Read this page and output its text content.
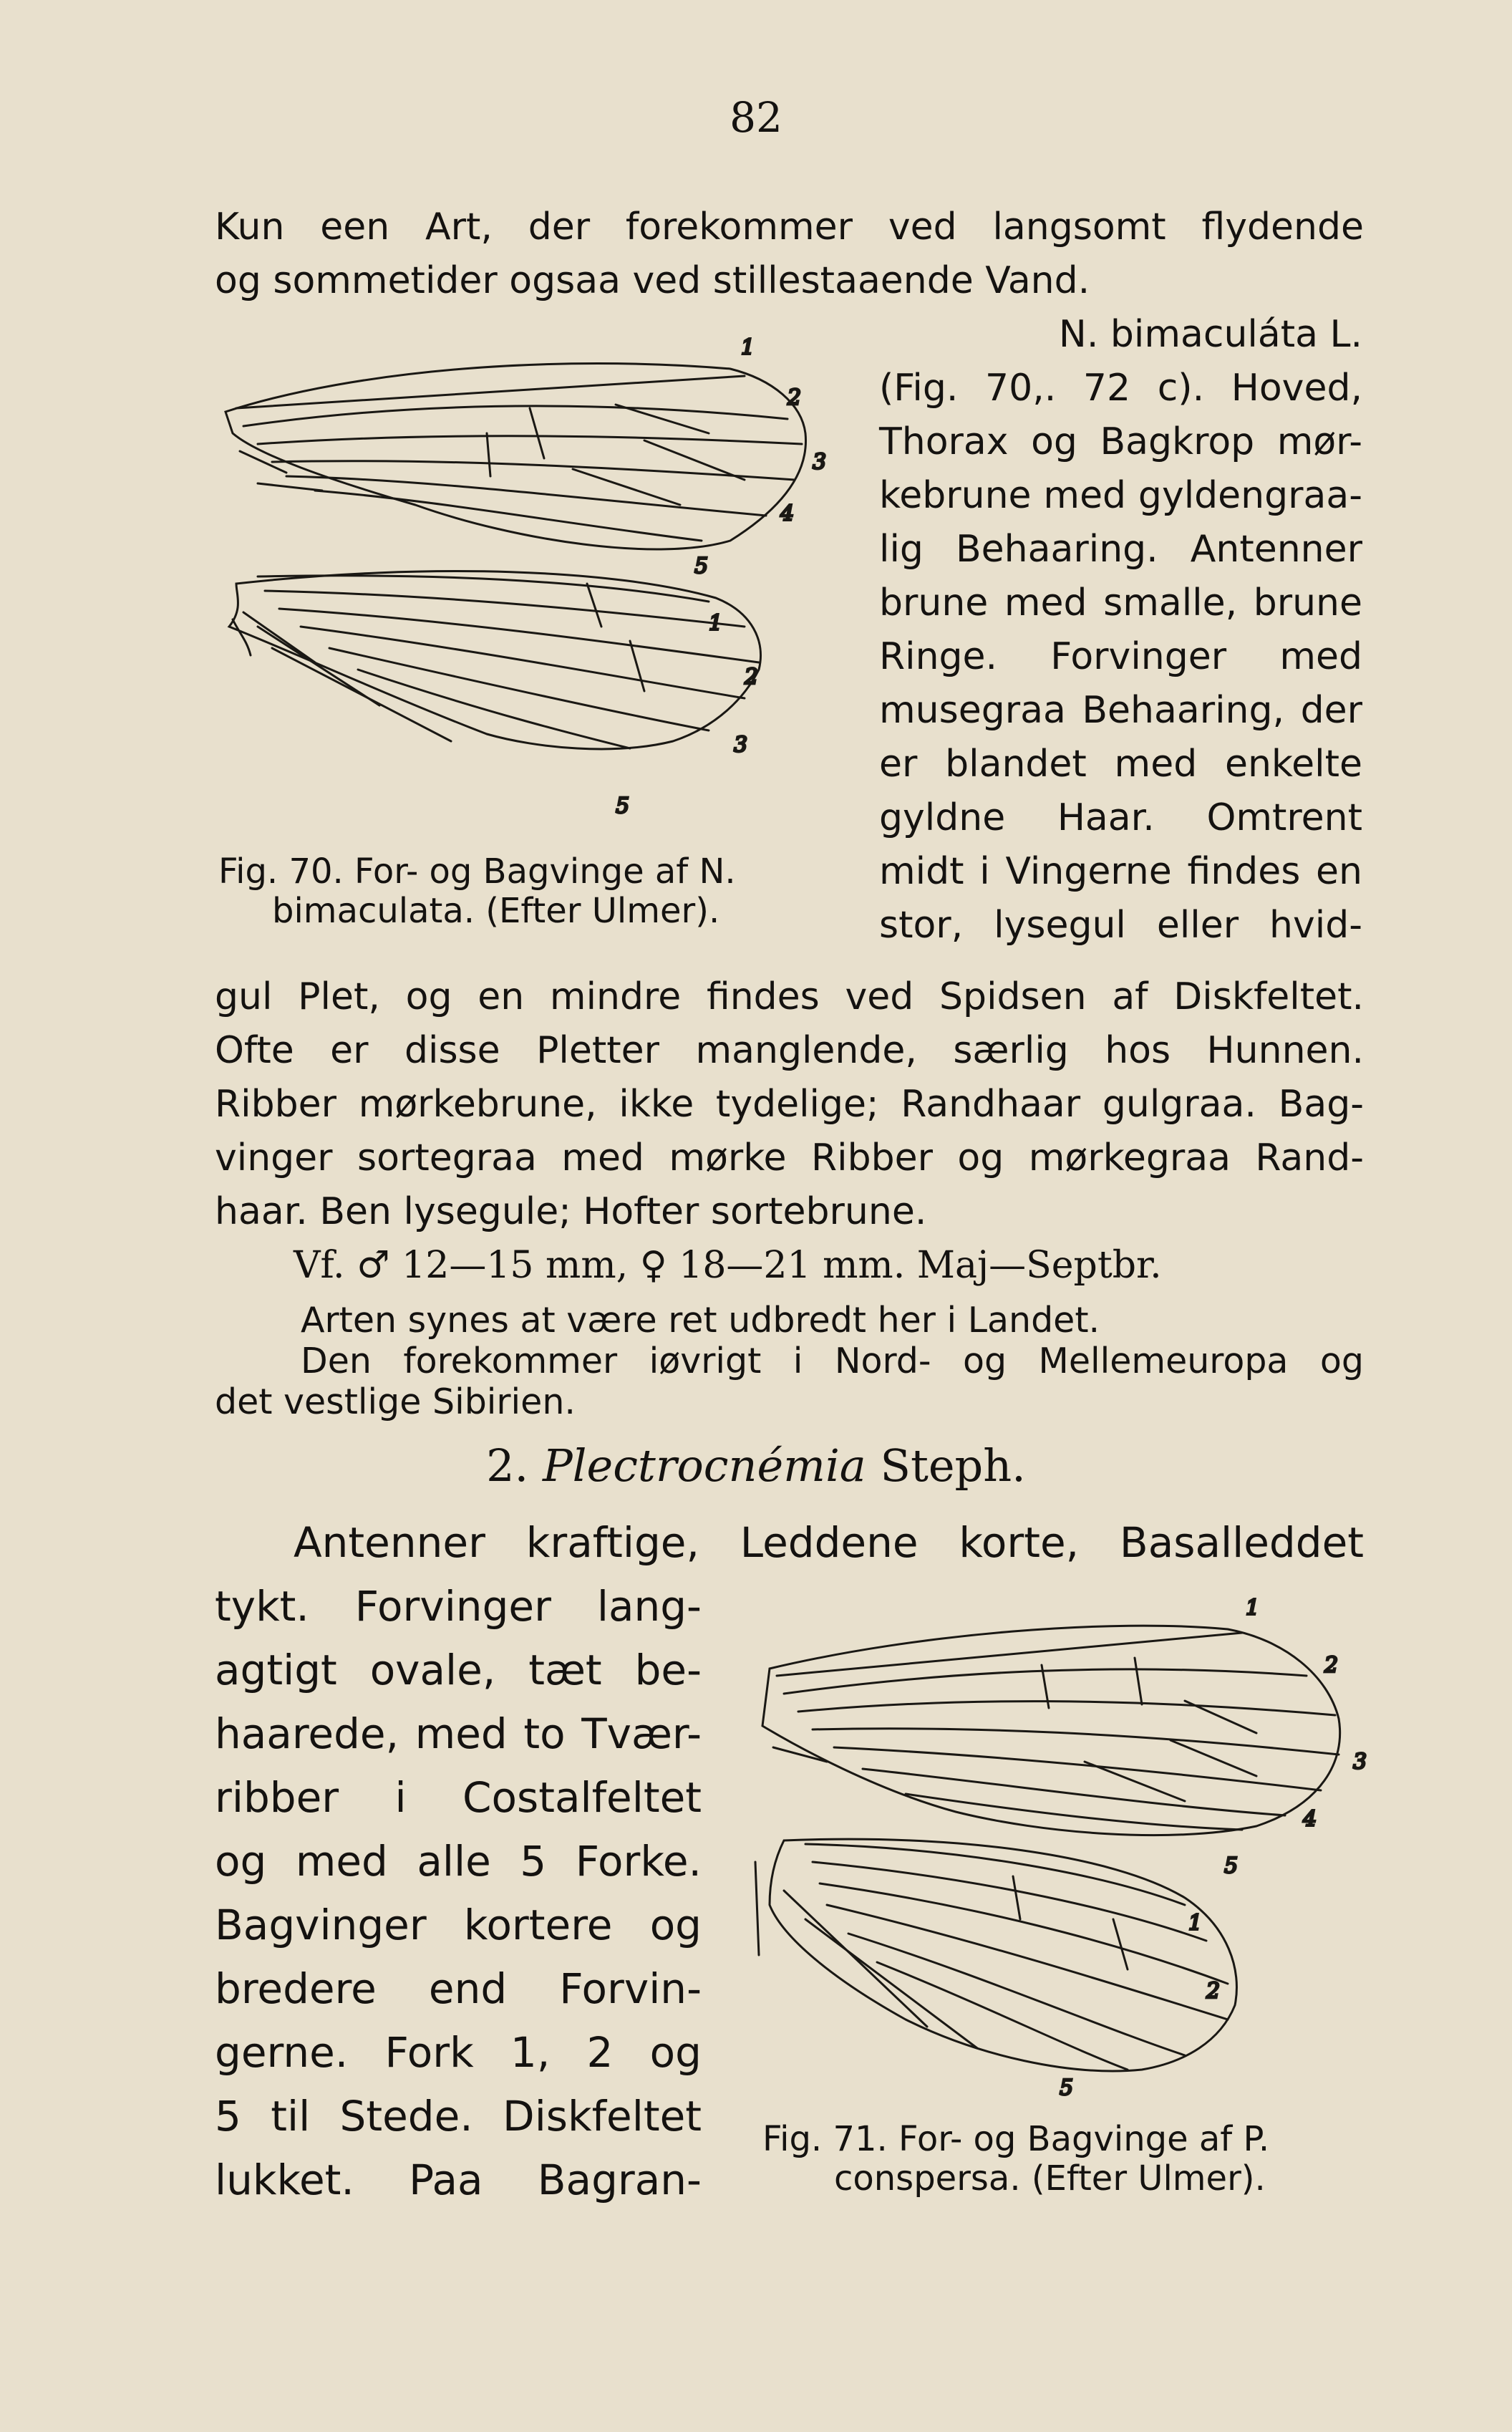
82
Kun een Art, der forekommer ved langsomt flydende
og sommetider ogsaa ved stillestaaende Vand.
1
2
3
4
5
1
2
3
5
Fig. 70. For- og Bagvinge af N.
bimaculata. (Efter Ulmer).
N. bimaculáta L.
(Fig. 70,. 72 c). Hoved,
Thorax og Bagkrop mør-
kebrune med gyldengraa-
lig Behaaring. Antenner
brune med smalle, brune
Ringe. Forvinger med
musegraa Behaaring, der
er blandet med enkelte
gyldne Haar. Omtrent
midt i Vingerne findes en
stor, lysegul eller hvid-
gul Plet, og en mindre findes ved Spidsen af Diskfeltet.
Ofte er disse Pletter manglende, særlig hos Hunnen.
Ribber mørkebrune, ikke tydelige; Randhaar gulgraa. Bag-
vinger sortegraa med mørke Ribber og mørkegraa Rand-
haar. Ben lysegule; Hofter sortebrune.
Vf. ♂ 12—15 mm, ♀ 18—21 mm. Maj—Septbr.
Arten synes at være ret udbredt her i Landet.
Den forekommer iøvrigt i Nord- og Mellemeuropa og
det vestlige Sibirien.
2. Plectrocnémia Steph.
Antenner kraftige, Leddene korte, Basalleddet
tykt. Forvinger lang-
agtigt ovale, tæt be-
haarede, med to Tvær-
ribber i Costalfeltet
og med alle 5 Forke.
Bagvinger kortere og
bredere end Forvin-
gerne. Fork 1, 2 og
5 til Stede. Diskfeltet
lukket. Paa Bagran-
1
2
3
4
5
1
2
5
Fig. 71. For- og Bagvinge af P.
conspersa. (Efter Ulmer).
